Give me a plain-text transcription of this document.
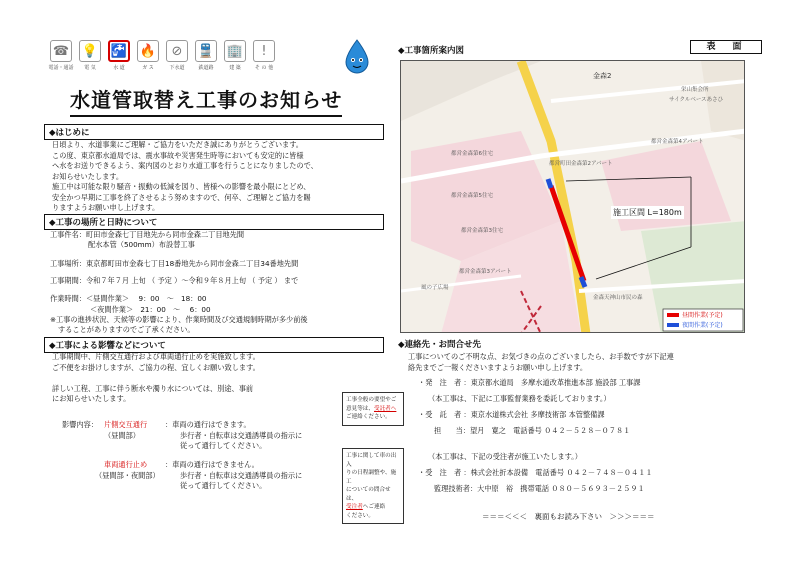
☎
電話・通話
💡
電 気
🚰
水 道
🔥
ガ ス
⊘
下水道
🚆
鉄道路
🏢
建 築
!
そ の 他
水道管取替え工事のお知らせ
◆はじめに
日頃より、水道事業にご理解・ご協力をいただき誠にありがとうございます。
この度、東京都水道局では、震水事故や災害発生時等においても安定的に皆様
へ水をお送りできるよう、案内図のとおり水道工事を行うことになりましたので、
お知らせいたします。
施工中は可能な限り騒音・振動の低減を図り、皆様への影響を最小限にとどめ、
安全かつ早期に工事を終了させるよう努めますので、何卒、ご理解とご協力を賜
りますようお願い申し上げます。
◆工事の場所と日時について
工事件名：町田市金森七丁目地先から同市金森二丁目地先間
配水本管（500mm）布設替工事
工事場所：東京都町田市金森七丁目18番地先から同市金森二丁目34番地先間
工事期間：令和７年７月 上旬 （ 予定 ）～令和９年８月上旬 （ 予定 ） まで
作業時間：＜昼間作業＞　 9：00　～　18：00
＜夜間作業＞　21：00　～　 6：00
※工事の進捗状況、天候等の影響により、作業時間及び交通規制時期が多少前後
することがありますのでご了承ください。
◆工事による影響などについて
工事期間中、片側交互通行および車両通行止めを実施致します。
ご不便をお掛けしますが、ご協力の程、宜しくお願い致します。
詳しい工程、工事に伴う断水や濁り水については、別途、事前
にお知らせいたします。
影響内容： 片側交互通行
（昼間部）
：車両の通行はできます。
歩行者・自転車は交通誘導員の指示に
従って通行してください。
車両通行止め
（昼間部・夜間部）
：車両の通行はできません。
歩行者・自転車は交通誘導員の指示に
従って通行してください。
工事全般の要望やご
意見等は、受託者へ
ご連絡ください。
工事に関して車の出入
りの日程調整や、施工
についての問合せは、
受注者へご連絡
ください。
◆工事箇所案内図	表　面
金森2
栄山集会所
サイクルベースあさひ
都営金森第4アパート
都営町田金森第2アパート
都営金森第6住宅
都営金森第5住宅
都営金森第3住宅
都営金森第3アパート
金森天神山市民の森
風の子広場
施工区間 L=180m
昼間作業(予定)
夜間作業(予定)
◆連絡先・お問合せ先
工事についてのご不明な点、お気づきの点のございましたら、お手数ですが下記連
絡先までご一報くださいますようお願い申し上げます。
・発　注　者 ：東京都水道局　多摩水道改革推進本部 施設部 工事課
（本工事は、下記に工事監督業務を委託しております。）
・受　託　者 ：東京水道株式会社 多摩技術部 本管整備課
担　　当：望月　寛之　電話番号 ０４２－５２８－０７８１
（本工事は、下記の受注者が施工いたします。）
・受　注　者 ：株式会社折本設備　電話番号 ０４２－７４８－０４１１
監理技術者：大中原　裕　携帯電話 ０８０－５６９３－２５９１
＝＝＝＜＜＜　裏面もお読み下さい　＞＞＞＝＝＝
